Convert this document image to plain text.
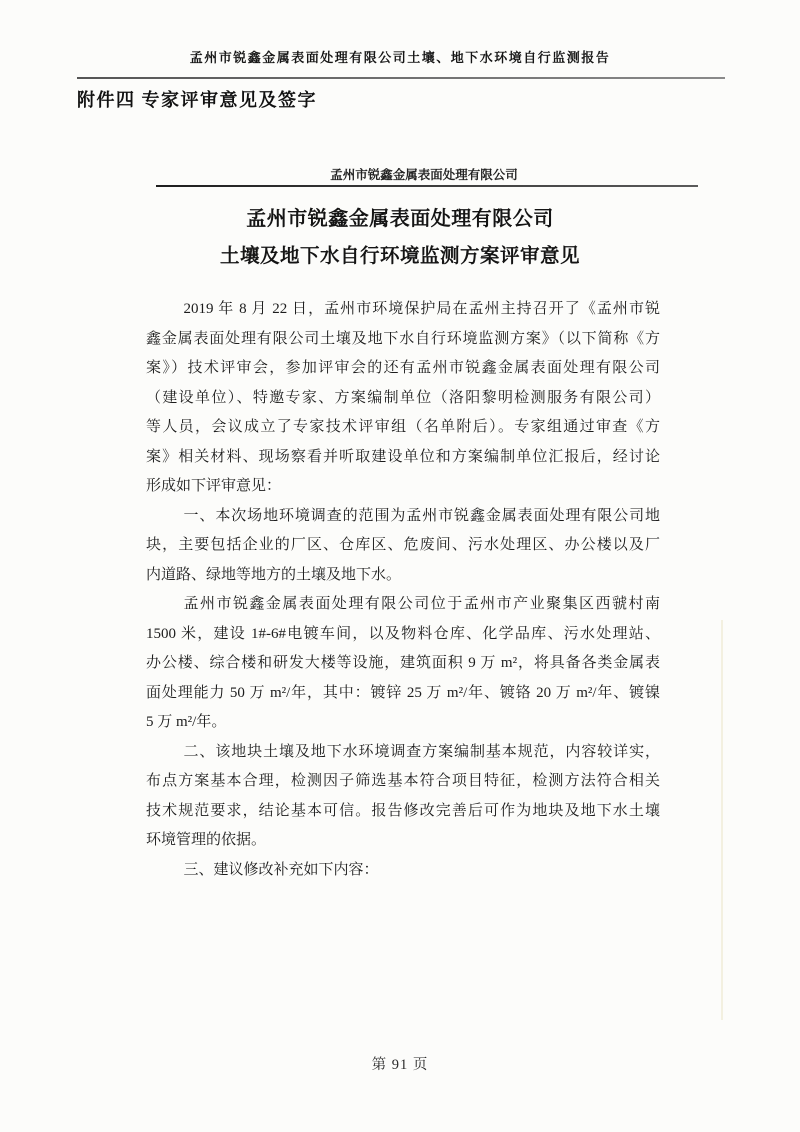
孟州市锐鑫金属表面处理有限公司土壤、地下水环境自行监测报告
附件四 专家评审意见及签字
孟州市锐鑫金属表面处理有限公司
孟州市锐鑫金属表面处理有限公司
土壤及地下水自行环境监测方案评审意见
2019 年 8 月 22 日，孟州市环境保护局在孟州主持召开了《孟州市锐
鑫金属表面处理有限公司土壤及地下水自行环境监测方案》（以下简称《方
案》）技术评审会，参加评审会的还有孟州市锐鑫金属表面处理有限公司
（建设单位）、特邀专家、方案编制单位（洛阳黎明检测服务有限公司）
等人员，会议成立了专家技术评审组（名单附后）。专家组通过审查《方
案》相关材料、现场察看并听取建设单位和方案编制单位汇报后，经讨论
形成如下评审意见：
一、本次场地环境调查的范围为孟州市锐鑫金属表面处理有限公司地
块，主要包括企业的厂区、仓库区、危废间、污水处理区、办公楼以及厂
内道路、绿地等地方的土壤及地下水。
孟州市锐鑫金属表面处理有限公司位于孟州市产业聚集区西虢村南
1500 米，建设 1#-6#电镀车间，以及物料仓库、化学品库、污水处理站、
办公楼、综合楼和研发大楼等设施，建筑面积 9 万 m²，将具备各类金属表
面处理能力 50 万 m²/年，其中：镀锌 25 万 m²/年、镀铬 20 万 m²/年、镀镍
5 万 m²/年。
二、该地块土壤及地下水环境调查方案编制基本规范，内容较详实，
布点方案基本合理，检测因子筛选基本符合项目特征，检测方法符合相关
技术规范要求，结论基本可信。报告修改完善后可作为地块及地下水土壤
环境管理的依据。
三、建议修改补充如下内容：
第 91 页
